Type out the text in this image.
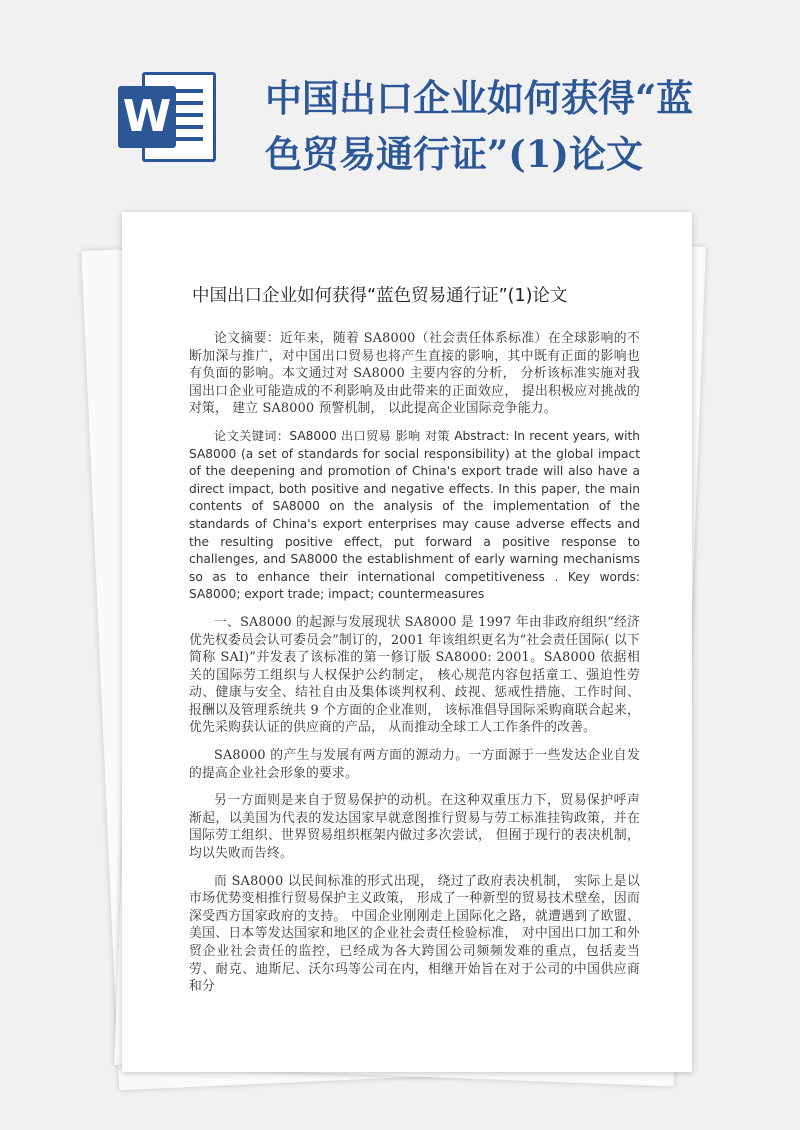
W	中国出口企业如何获得“蓝色贸易通行证”(1)论文
中国出口企业如何获得“蓝色贸易通行证”(1)论文

论文摘要：近年来，随着 SA8000（社会责任体系标准）在全球影响的不断加深与推广，对中国出口贸易也将产生直接的影响，其中既有正面的影响也有负面的影响。本文通过对 SA8000 主要内容的分析， 分析该标准实施对我国出口企业可能造成的不利影响及由此带来的正面效应， 提出积极应对挑战的对策， 建立 SA8000 预警机制， 以此提高企业国际竞争能力。

论文关键词：SA8000 出口贸易 影响 对策 Abstract: In recent years, with SA8000 (a set of standards for social responsibility) at the global impact of the deepening and promotion of China's export trade will also have a direct impact, both positive and negative effects. In this paper, the main contents of SA8000 on the analysis of the implementation of the standards of China's export enterprises may cause adverse effects and the resulting positive effect, put forward a positive response to challenges, and SA8000 the establishment of early warning mechanisms so as to enhance their international competitiveness . Key words: SA8000; export trade; impact; countermeasures

一、SA8000 的起源与发展现状 SA8000 是 1997 年由非政府组织“经济优先权委员会认可委员会”制订的，2001 年该组织更名为“社会责任国际( 以下简称 SAI)”并发表了该标准的第一修订版 SA8000: 2001。SA8000 依据相关的国际劳工组织与人权保护公约制定， 核心规范内容包括童工、强迫性劳动、健康与安全、结社自由及集体谈判权利、歧视、惩戒性措施、工作时间、报酬以及管理系统共 9 个方面的企业准则， 该标准倡导国际采购商联合起来， 优先采购获认证的供应商的产品， 从而推动全球工人工作条件的改善。

SA8000 的产生与发展有两方面的源动力。一方面源于一些发达企业自发的提高企业社会形象的要求。

另一方面则是来自于贸易保护的动机。在这种双重压力下，贸易保护呼声渐起，以美国为代表的发达国家早就意图推行贸易与劳工标准挂钩政策，并在国际劳工组织、世界贸易组织框架内做过多次尝试， 但囿于现行的表决机制，均以失败而告终。

而 SA8000 以民间标准的形式出现， 绕过了政府表决机制， 实际上是以市场优势变相推行贸易保护主义政策， 形成了一种新型的贸易技术壁垒，因而深受西方国家政府的支持。 中国企业刚刚走上国际化之路，就遭遇到了欧盟、美国、日本等发达国家和地区的企业社会责任检验标准， 对中国出口加工和外贸企业社会责任的监控，已经成为各大跨国公司频频发难的重点，包括麦当劳、耐克、迪斯尼、沃尔玛等公司在内，相继开始旨在对于公司的中国供应商和分
